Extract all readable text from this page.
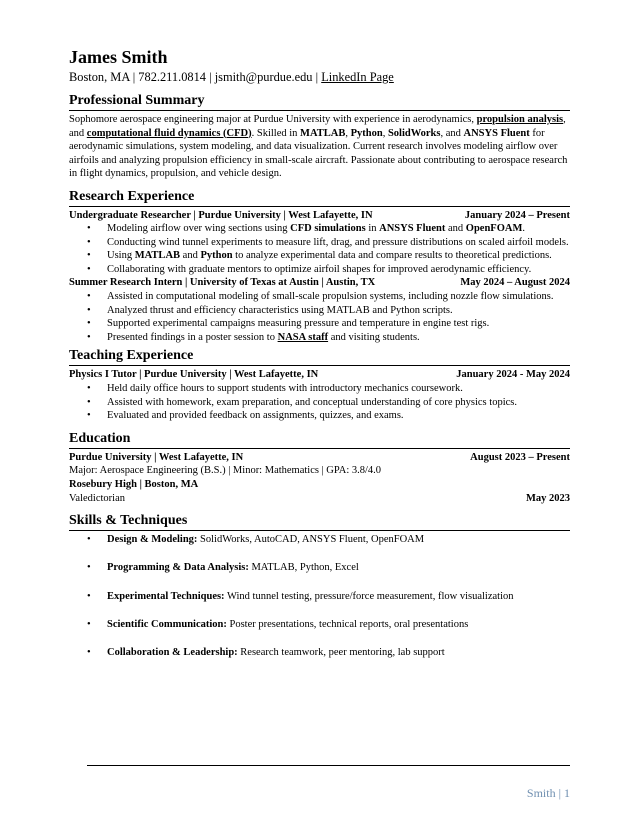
James Smith
Boston, MA | 782.211.0814 | jsmith@purdue.edu | LinkedIn Page
Professional Summary
Sophomore aerospace engineering major at Purdue University with experience in aerodynamics, propulsion analysis, and computational fluid dynamics (CFD). Skilled in MATLAB, Python, SolidWorks, and ANSYS Fluent for aerodynamic simulations, system modeling, and data visualization. Current research involves modeling airflow over airfoils and analyzing propulsion efficiency in small-scale aircraft. Passionate about contributing to aerospace research in flight dynamics, propulsion, and vehicle design.
Research Experience
Undergraduate Researcher | Purdue University | West Lafayette, IN	January 2024 – Present
• Modeling airflow over wing sections using CFD simulations in ANSYS Fluent and OpenFOAM.
• Conducting wind tunnel experiments to measure lift, drag, and pressure distributions on scaled airfoil models.
• Using MATLAB and Python to analyze experimental data and compare results to theoretical predictions.
• Collaborating with graduate mentors to optimize airfoil shapes for improved aerodynamic efficiency.
Summer Research Intern | University of Texas at Austin | Austin, TX	May 2024 – August 2024
• Assisted in computational modeling of small-scale propulsion systems, including nozzle flow simulations.
• Analyzed thrust and efficiency characteristics using MATLAB and Python scripts.
• Supported experimental campaigns measuring pressure and temperature in engine test rigs.
• Presented findings in a poster session to NASA staff and visiting students.
Teaching Experience
Physics I Tutor | Purdue University | West Lafayette, IN	January 2024 - May 2024
• Held daily office hours to support students with introductory mechanics coursework.
• Assisted with homework, exam preparation, and conceptual understanding of core physics topics.
• Evaluated and provided feedback on assignments, quizzes, and exams.
Education
Purdue University | West Lafayette, IN	August 2023 – Present
Major: Aerospace Engineering (B.S.) | Minor: Mathematics | GPA: 3.8/4.0
Rosebury High | Boston, MA
Valedictorian	May 2023
Skills & Techniques
• Design & Modeling: SolidWorks, AutoCAD, ANSYS Fluent, OpenFOAM
• Programming & Data Analysis: MATLAB, Python, Excel
• Experimental Techniques: Wind tunnel testing, pressure/force measurement, flow visualization
• Scientific Communication: Poster presentations, technical reports, oral presentations
• Collaboration & Leadership: Research teamwork, peer mentoring, lab support
Smith | 1
